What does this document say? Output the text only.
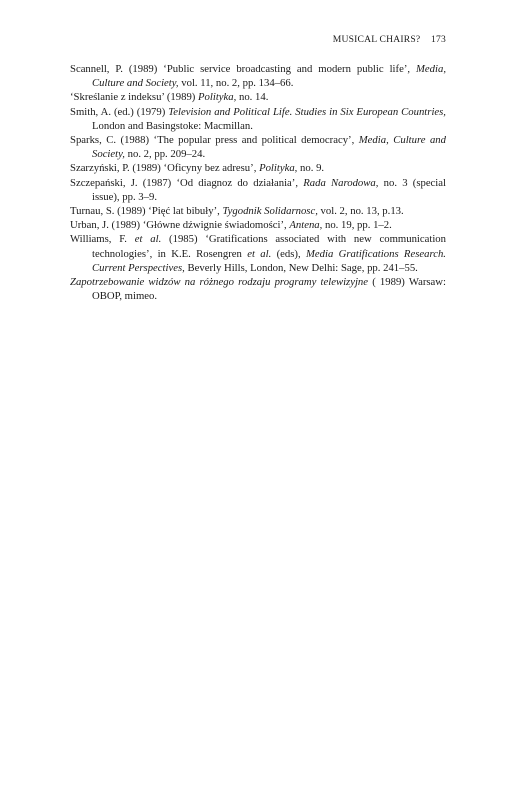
MUSICAL CHAIRS? 173

Scannell, P. (1989) ‘Public service broadcasting and modern public life’, Media, Culture and Society, vol. 11, no. 2, pp. 134–66.

‘Skreślanie z indeksu’ (1989) Polityka, no. 14.

Smith, A. (ed.) (1979) Television and Political Life. Studies in Six European Countries, London and Basingstoke: Macmillan.

Sparks, C. (1988) ‘The popular press and political democracy’, Media, Culture and Society, no. 2, pp. 209–24.

Szarzyński, P. (1989) ‘Oficyny bez adresu’, Polityka, no. 9.

Szczepański, J. (1987) ‘Od diagnoz do działania’, Rada Narodowa, no. 3 (special issue), pp. 3–9.

Turnau, S. (1989) ‘Pięć lat bibuły’, Tygodnik Solidarnosc, vol. 2, no. 13, p.13.

Urban, J. (1989) ‘Główne dźwignie świadomości’, Antena, no. 19, pp. 1–2.

Williams, F. et al. (1985) ‘Gratifications associated with new communication technologies’, in K.E. Rosengren et al. (eds), Media Gratifications Research. Current Perspectives, Beverly Hills, London, New Delhi: Sage, pp. 241–55.

Zapotrzebowanie widzów na różnego rodzaju programy telewizyjne ( 1989) Warsaw: OBOP, mimeo.
